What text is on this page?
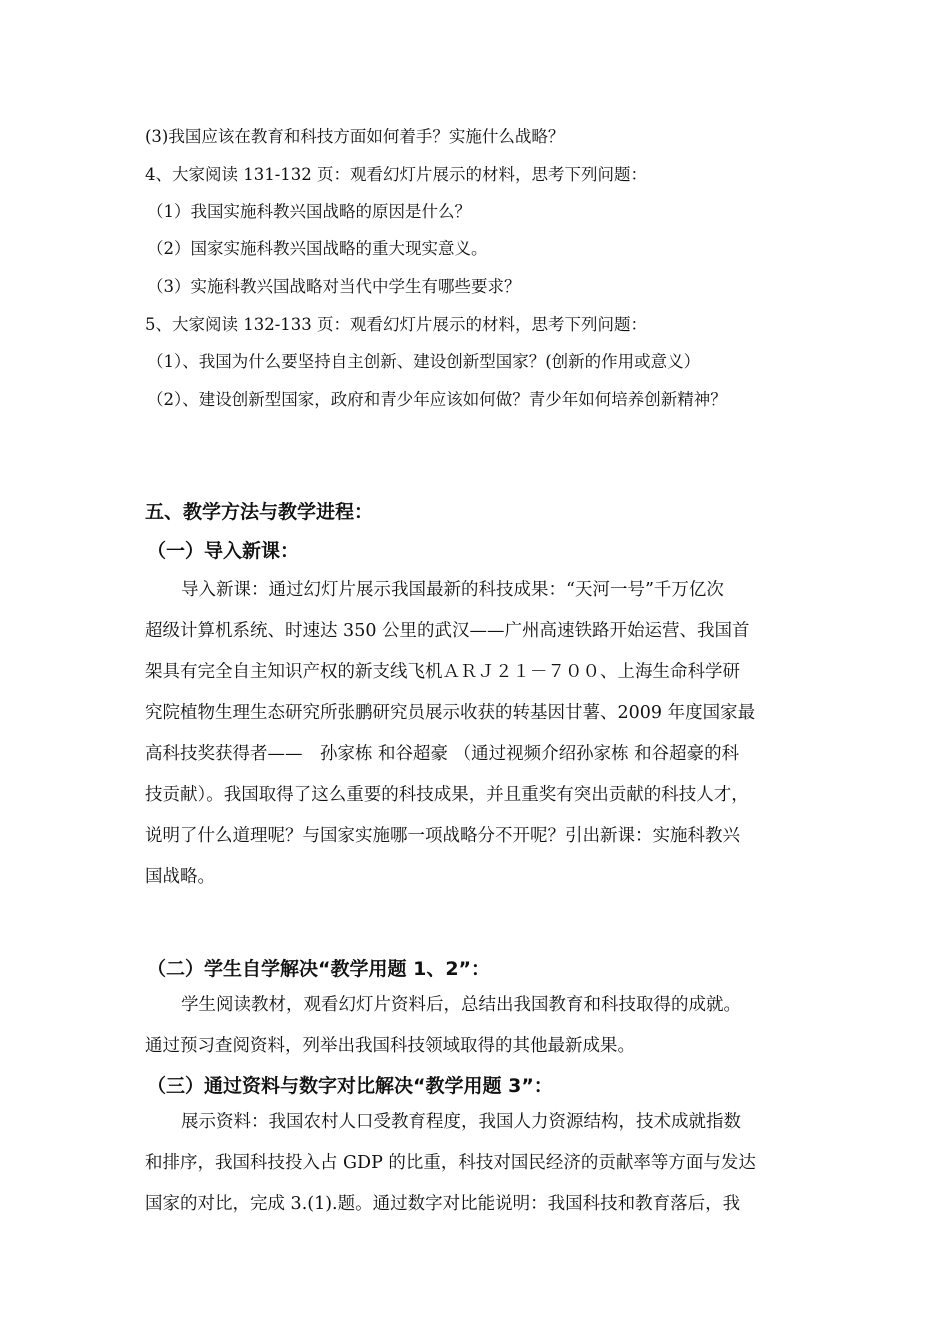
(3)我国应该在教育和科技方面如何着手？实施什么战略？
4、大家阅读 131-132 页：观看幻灯片展示的材料，思考下列问题：
（1）我国实施科教兴国战略的原因是什么？
（2）国家实施科教兴国战略的重大现实意义。
（3）实施科教兴国战略对当代中学生有哪些要求？
5、大家阅读 132-133 页：观看幻灯片展示的材料，思考下列问题：
（1）、我国为什么要坚持自主创新、建设创新型国家？(创新的作用或意义）
（2）、建设创新型国家，政府和青少年应该如何做？青少年如何培养创新精神？
五、教学方法与教学进程：
（一）导入新课：
导入新课：通过幻灯片展示我国最新的科技成果：“天河一号”千万亿次
超级计算机系统、时速达 350 公里的武汉——广州高速铁路开始运营、我国首
架具有完全自主知识产权的新支线飞机ＡＲＪ２１－７００、上海生命科学研
究院植物生理生态研究所张鹏研究员展示收获的转基因甘薯、2009 年度国家最
高科技奖获得者——　孙家栋 和谷超豪 （通过视频介绍孙家栋 和谷超豪的科
技贡献）。我国取得了这么重要的科技成果，并且重奖有突出贡献的科技人才，
说明了什么道理呢？与国家实施哪一项战略分不开呢？引出新课：实施科教兴
国战略。
（二）学生自学解决“教学用题 1、2”：
学生阅读教材，观看幻灯片资料后，总结出我国教育和科技取得的成就。
通过预习查阅资料，列举出我国科技领域取得的其他最新成果。
（三）通过资料与数字对比解决“教学用题 3”：
展示资料：我国农村人口受教育程度，我国人力资源结构，技术成就指数
和排序，我国科技投入占 GDP 的比重，科技对国民经济的贡献率等方面与发达
国家的对比，完成 3.(1).题。通过数字对比能说明：我国科技和教育落后，我
